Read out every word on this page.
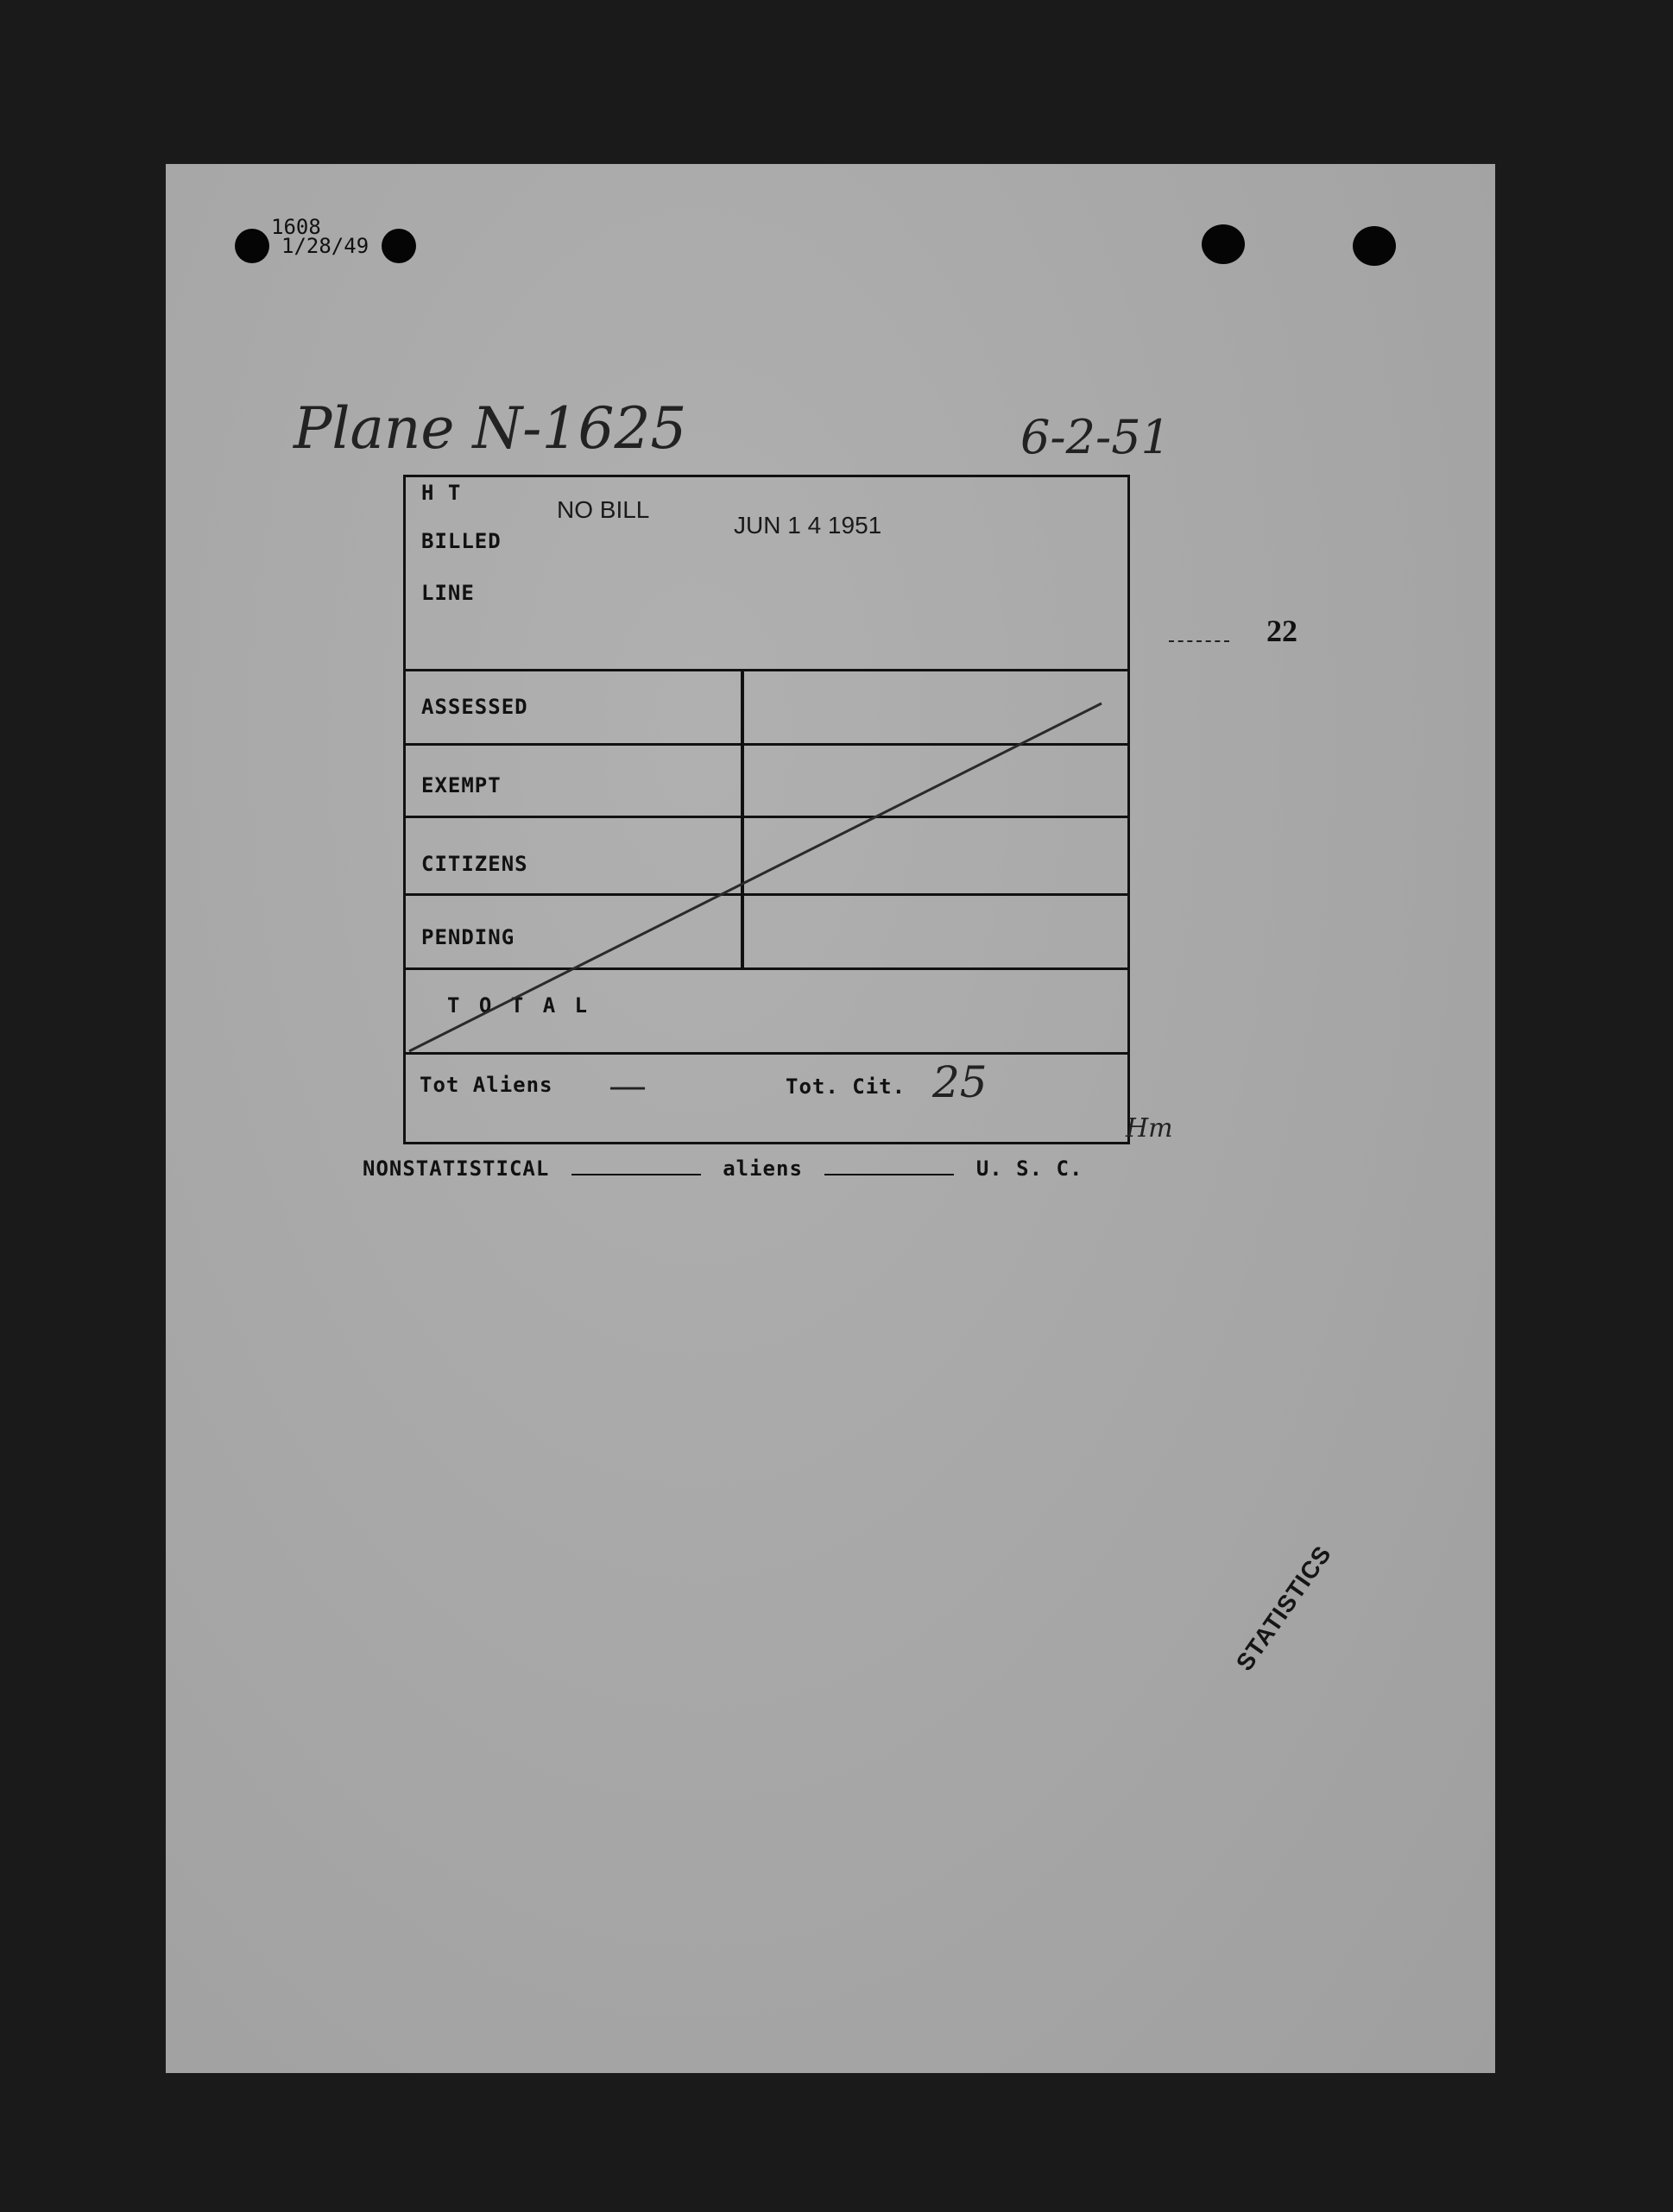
1608
1/28/49
Plane N-1625	6-2-51
22
H T
BILLED
LINE
NO BILL
JUN 1 4 1951
ASSESSED
EXEMPT
CITIZENS
PENDING
T O T A L
Tot Aliens —	Tot. Cit. 25
Hm
NONSTATISTICAL	aliens	U. S. C.
STATISTICS
